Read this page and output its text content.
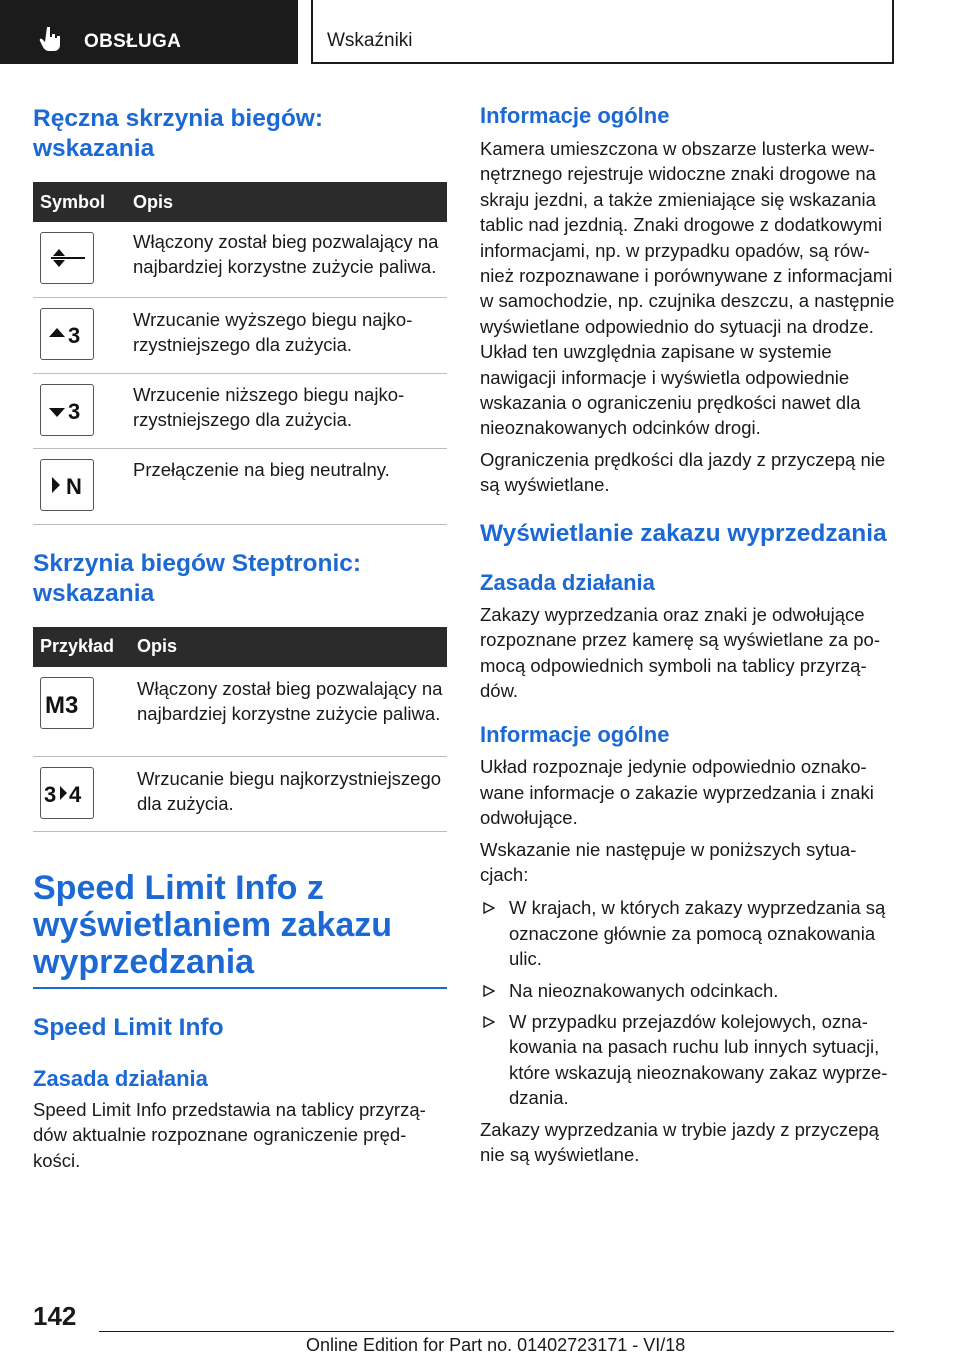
OBSŁUGA	Wskaźniki
Ręczna skrzynia biegów: wskazania
Symbol	Opis

	Włączony został bieg pozwalający na najbardziej korzystne zużycie paliwa.

3	Wrzucanie wyższego biegu najkorzystniejszego dla zużycia.

3	Wrzucenie niższego biegu najkorzystniejszego dla zużycia.

N	Przełączenie na bieg neutralny.
Skrzynia biegów Steptronic: wskazania
Przykład	Opis

M3	Włączony został bieg pozwalający na najbardziej korzystne zużycie paliwa.

3 4	Wrzucanie biegu najkorzystniejszego dla zużycia.
Speed Limit Info z wyświetlaniem zakazu wyprzedzania
Speed Limit Info
Zasada działania

Speed Limit Info przedstawia na tablicy przyrządów aktualnie rozpoznane ograniczenie prędkości.

Informacje ogólne

Kamera umieszczona w obszarze lusterka wewnętrznego rejestruje widoczne znaki drogowe na skraju jezdni, a także zmieniające się wskazania tablic nad jezdnią. Znaki drogowe z dodatkowymi informacjami, np. w przypadku opadów, są również rozpoznawane i porównywane z informacjami w samochodzie, np. czujnika deszczu, a następnie wyświetlane odpowiednio do sytuacji na drodze. Układ ten uwzględnia zapisane w systemie nawigacji informacje i wyświetla odpowiednie wskazania o ograniczeniu prędkości nawet dla nieoznakowanych odcinków drogi.

Ograniczenia prędkości dla jazdy z przyczepą nie są wyświetlane.

Wyświetlanie zakazu wyprzedzania
Zasada działania

Zakazy wyprzedzania oraz znaki je odwołujące rozpoznane przez kamerę są wyświetlane za pomocą odpowiednich symboli na tablicy przyrządów.

Informacje ogólne

Układ rozpoznaje jedynie odpowiednio oznakowane informacje o zakazie wyprzedzania i znaki odwołujące.

Wskazanie nie następuje w poniższych sytuacjach:

W krajach, w których zakazy wyprzedzania są oznaczone głównie za pomocą oznakowania ulic.
Na nieoznakowanych odcinkach.
W przypadku przejazdów kolejowych, oznakowania na pasach ruchu lub innych sytuacji, które wskazują nieoznakowany zakaz wyprzedzania.

Zakazy wyprzedzania w trybie jazdy z przyczepą nie są wyświetlane.

142
Online Edition for Part no. 01402723171 - VI/18
